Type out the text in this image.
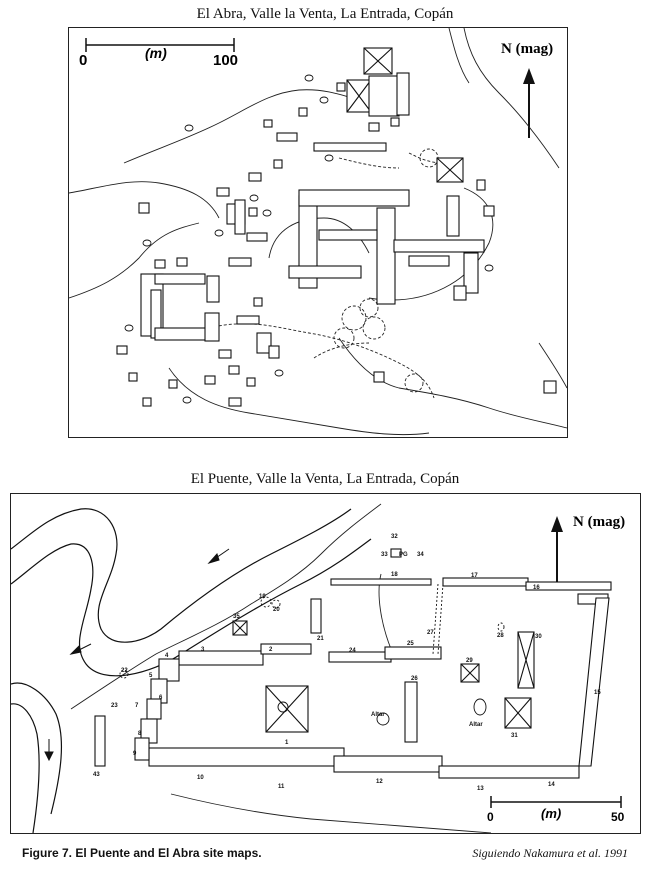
El Abra, Valle la Venta, La Entrada, Copán
0	(m)	100
N (mag)
El Puente, Valle la Venta, La Entrada, Copán
N (mag)
1
2
3
4
5
6
7
8
9
10
11
12
13
14
15
16
17
18
19
20
21
22
23
24
25
26
27	28
29
30
31
32
33	34
35
43
PG
Altar
Altar
0	(m)	50
Figure 7. El Puente and El Abra site maps.	Siguiendo Nakamura et al. 1991
